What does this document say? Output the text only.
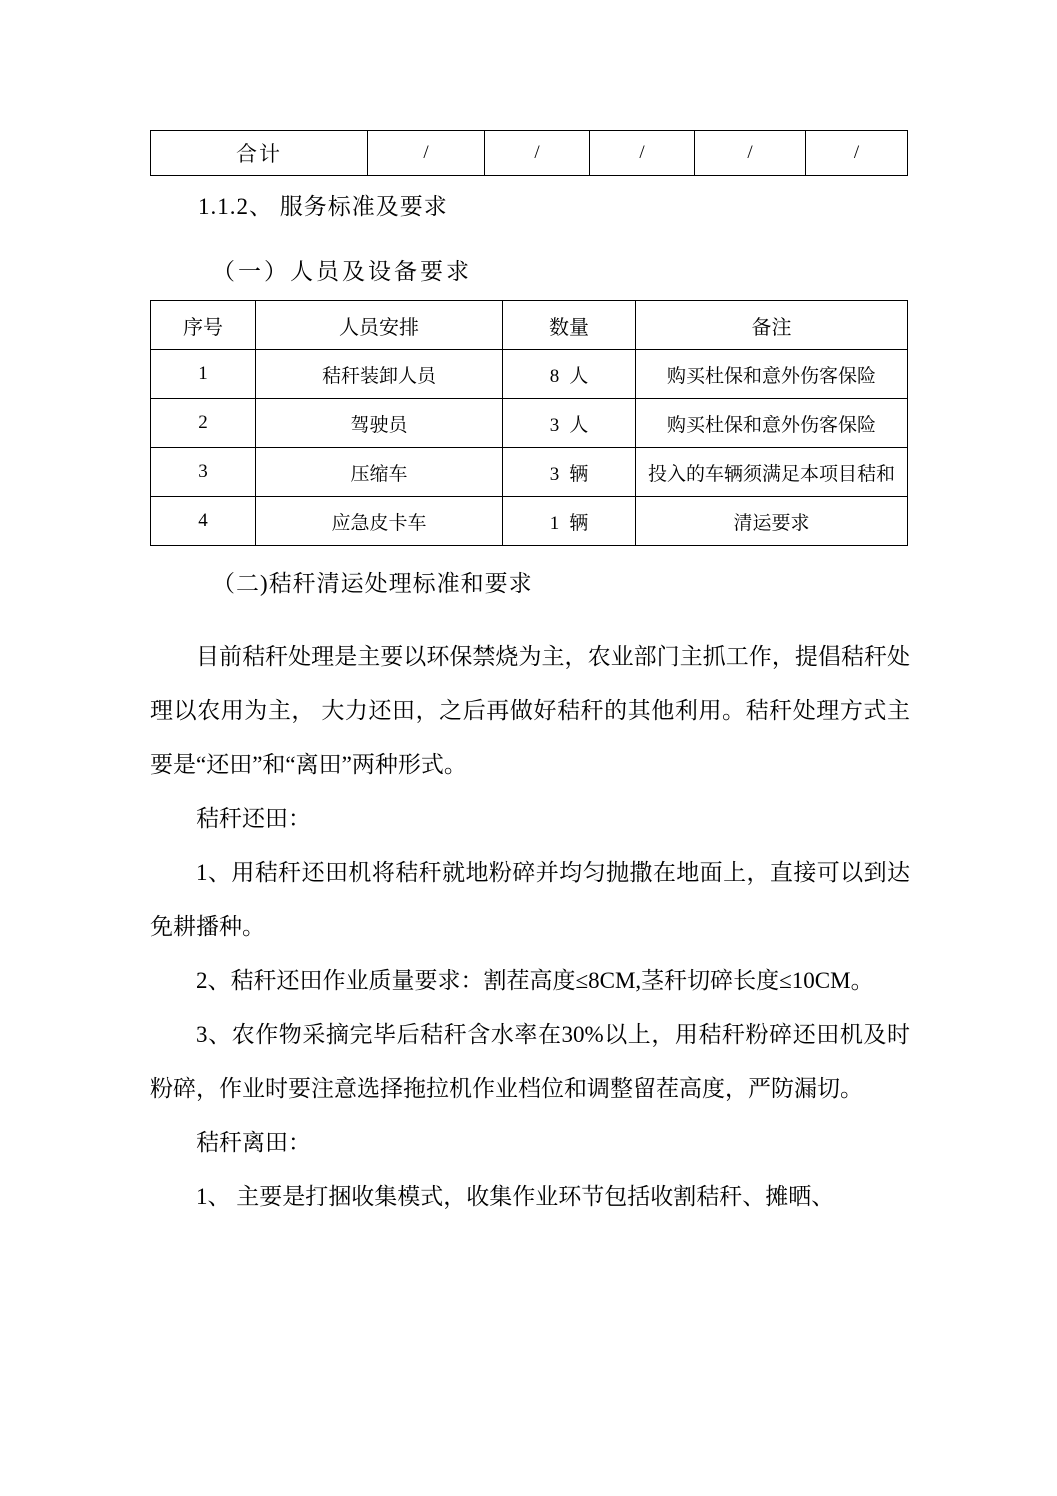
合计	/	/	/	/	/
1.1.2、 服务标准及要求
（一）人员及设备要求
序号	人员安排	数量	备注
1	秸秆装卸人员	8 人	购买杜保和意外伤客保险
2	驾驶员	3 人	购买杜保和意外伤客保险
3	压缩车	3 辆	投入的车辆须满足本项目秸和
4	应急皮卡车	1 辆	清运要求
（二)秸秆清运处理标准和要求

目前秸秆处理是主要以环保禁烧为主，农业部门主抓工作，提倡秸秆处理以农用为主， 大力还田，之后再做好秸秆的其他利用。秸秆处理方式主要是“还田”和“离田”两种形式。

秸秆还田：

1、用秸秆还田机将秸秆就地粉碎并均匀抛撒在地面上，直接可以到达免耕播种。

2、秸秆还田作业质量要求：割茬高度≤8CM,茎秆切碎长度≤10CM。

3、农作物采摘完毕后秸秆含水率在30%以上，用秸秆粉碎还田机及时粉碎，作业时要注意选择拖拉机作业档位和调整留茬高度，严防漏切。

秸秆离田：

1、 主要是打捆收集模式，收集作业环节包括收割秸秆、摊晒、
